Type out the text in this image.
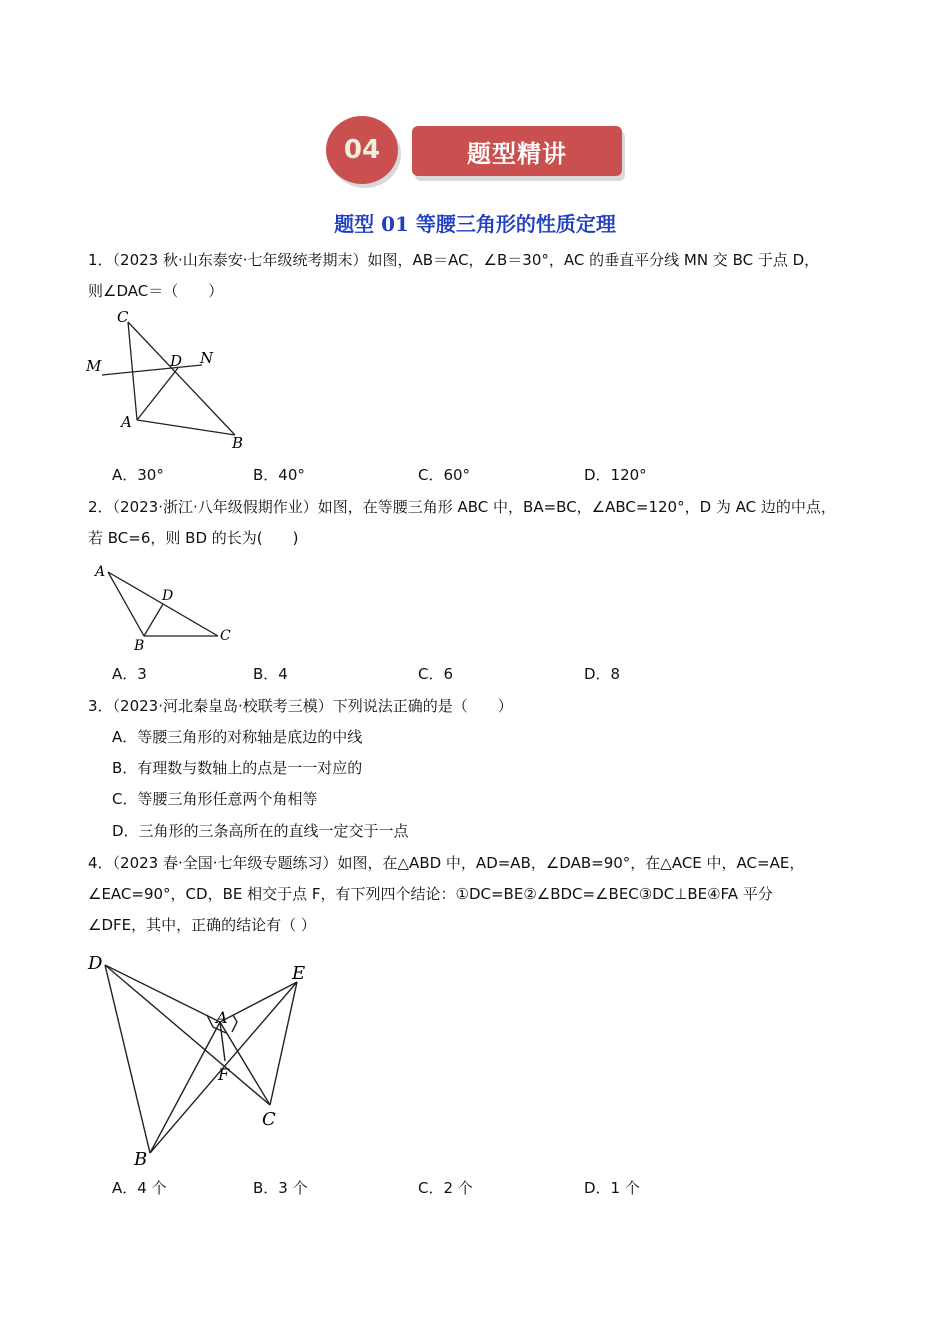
04	题型精讲
题型 01 等腰三角形的性质定理
1．（2023 秋·山东泰安·七年级统考期末）如图，AB＝AC，∠B＝30°，AC 的垂直平分线 MN 交 BC 于点 D，
则∠DAC＝（　　）
C
D N
M
A
B
A．30°	B．40°	C．60°	D．120°
2．（2023·浙江·八年级假期作业）如图，在等腰三角形 ABC 中，BA=BC，∠ABC=120°，D 为 AC 边的中点，
若 BC=6，则 BD 的长为(　　)
A
D
B
C
A．3	B．4	C．6	D．8
3．（2023·河北秦皇岛·校联考三模）下列说法正确的是（　　）
A．等腰三角形的对称轴是底边的中线
B．有理数与数轴上的点是一一对应的
C．等腰三角形任意两个角相等
D．三角形的三条高所在的直线一定交于一点
4．（2023 春·全国·七年级专题练习）如图，在△ABD 中，AD=AB，∠DAB=90°，在△ACE 中，AC=AE，
∠EAC=90°，CD，BE 相交于点 F，有下列四个结论：①DC=BE②∠BDC=∠BEC③DC⊥BE④FA 平分
∠DFE，其中，正确的结论有（ ）
D	E
A
F
C
B
A．4 个	B．3 个	C．2 个	D．1 个
